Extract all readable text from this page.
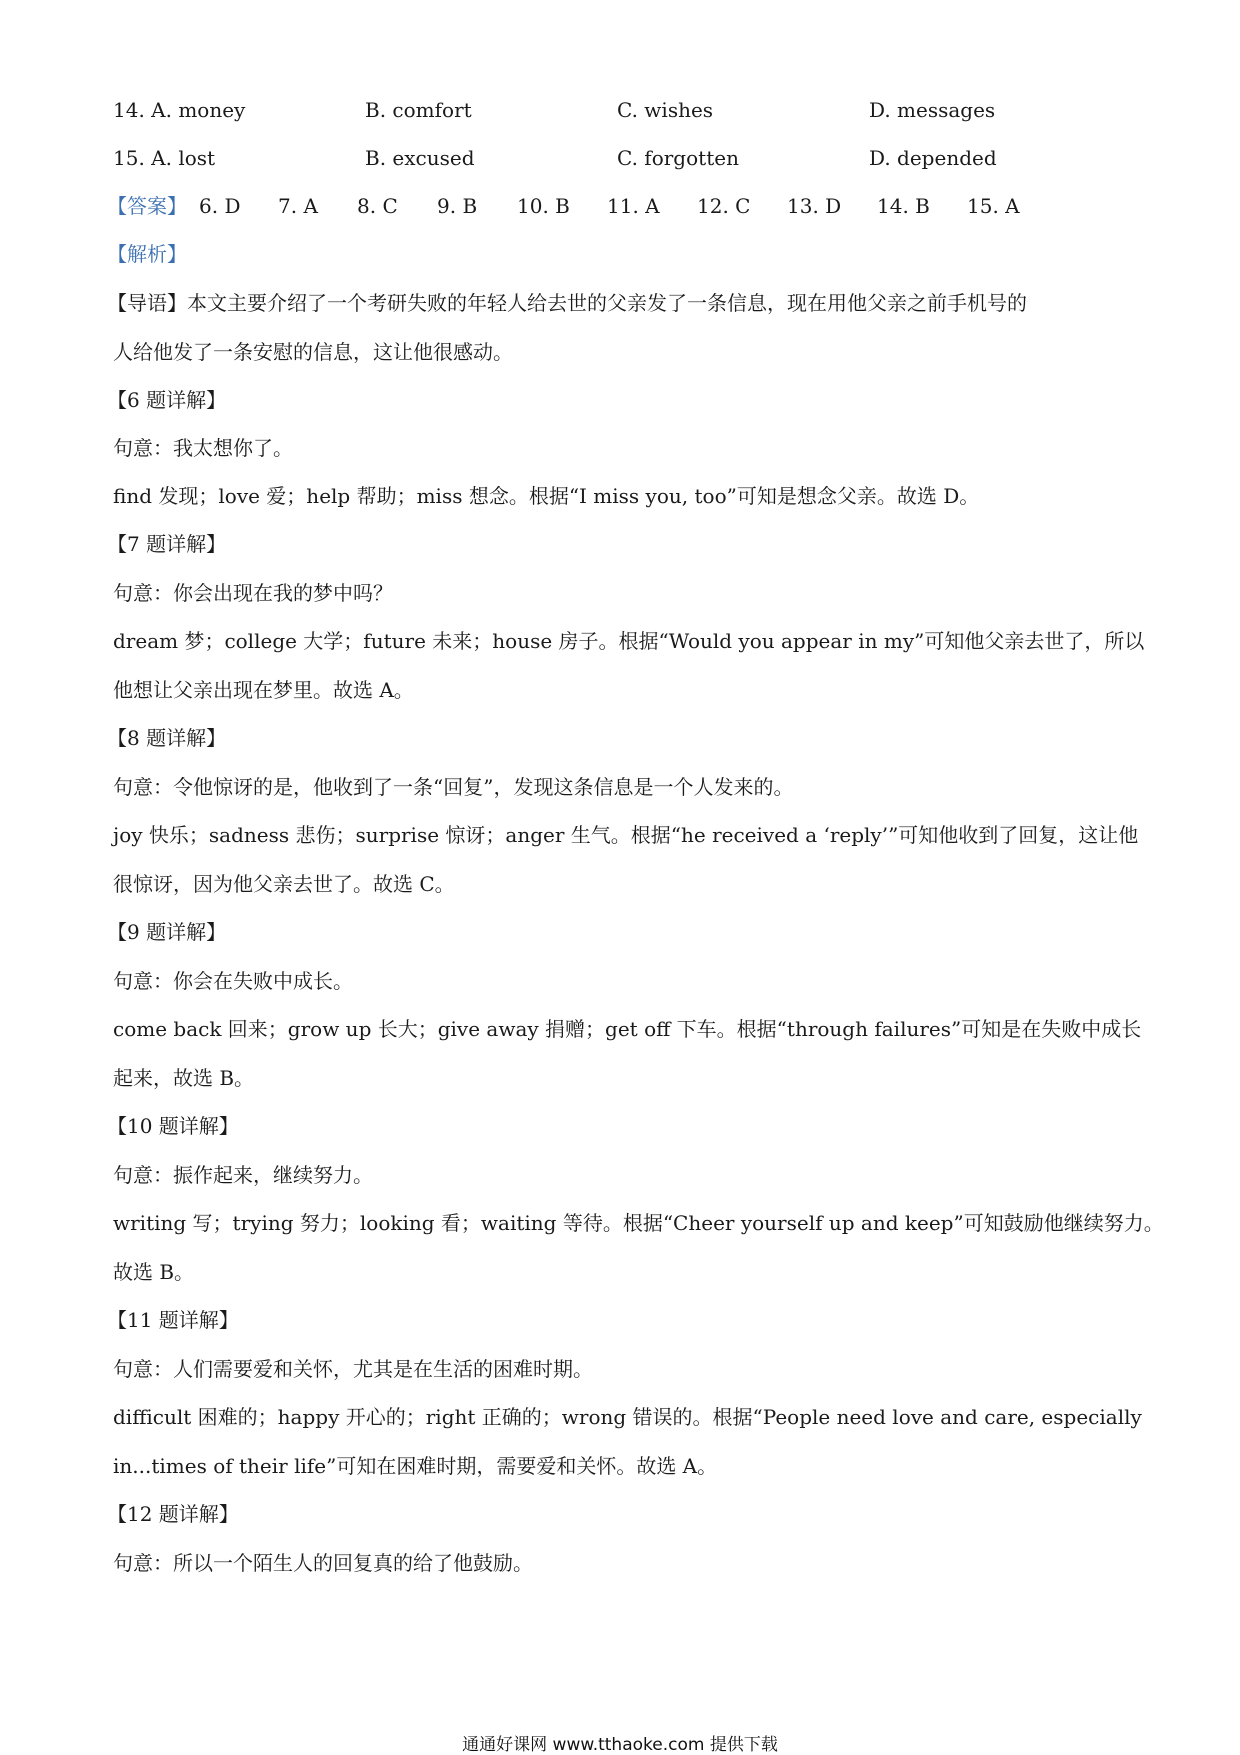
14. A. money	B. comfort	C. wishes	D. messages
15. A. lost	B. excused	C. forgotten	D. depended
【答案】 6. D 7. A 8. C 9. B 10. B 11. A 12. C 13. D 14. B 15. A
【解析】
【导语】本文主要介绍了一个考研失败的年轻人给去世的父亲发了一条信息，现在用他父亲之前手机号的
人给他发了一条安慰的信息，这让他很感动。
【6 题详解】
句意：我太想你了。
find 发现；love 爱；help 帮助；miss 想念。根据“I miss you, too”可知是想念父亲。故选 D。
【7 题详解】
句意：你会出现在我的梦中吗？
dream 梦；college 大学；future 未来；house 房子。根据“Would you appear in my”可知他父亲去世了，所以
他想让父亲出现在梦里。故选 A。
【8 题详解】
句意：令他惊讶的是，他收到了一条“回复”，发现这条信息是一个人发来的。
joy 快乐；sadness 悲伤；surprise 惊讶；anger 生气。根据“he received a ‘reply’”可知他收到了回复，这让他
很惊讶，因为他父亲去世了。故选 C。
【9 题详解】
句意：你会在失败中成长。
come back 回来；grow up 长大；give away 捐赠；get off 下车。根据“through failures”可知是在失败中成长
起来，故选 B。
【10 题详解】
句意：振作起来，继续努力。
writing 写；trying 努力；looking 看；waiting 等待。根据“Cheer yourself up and keep”可知鼓励他继续努力。
故选 B。
【11 题详解】
句意：人们需要爱和关怀，尤其是在生活的困难时期。
difficult 困难的；happy 开心的；right 正确的；wrong 错误的。根据“People need love and care, especially
in...times of their life”可知在困难时期，需要爱和关怀。故选 A。
【12 题详解】
句意：所以一个陌生人的回复真的给了他鼓励。
通通好课网 www.tthaoke.com 提供下载
